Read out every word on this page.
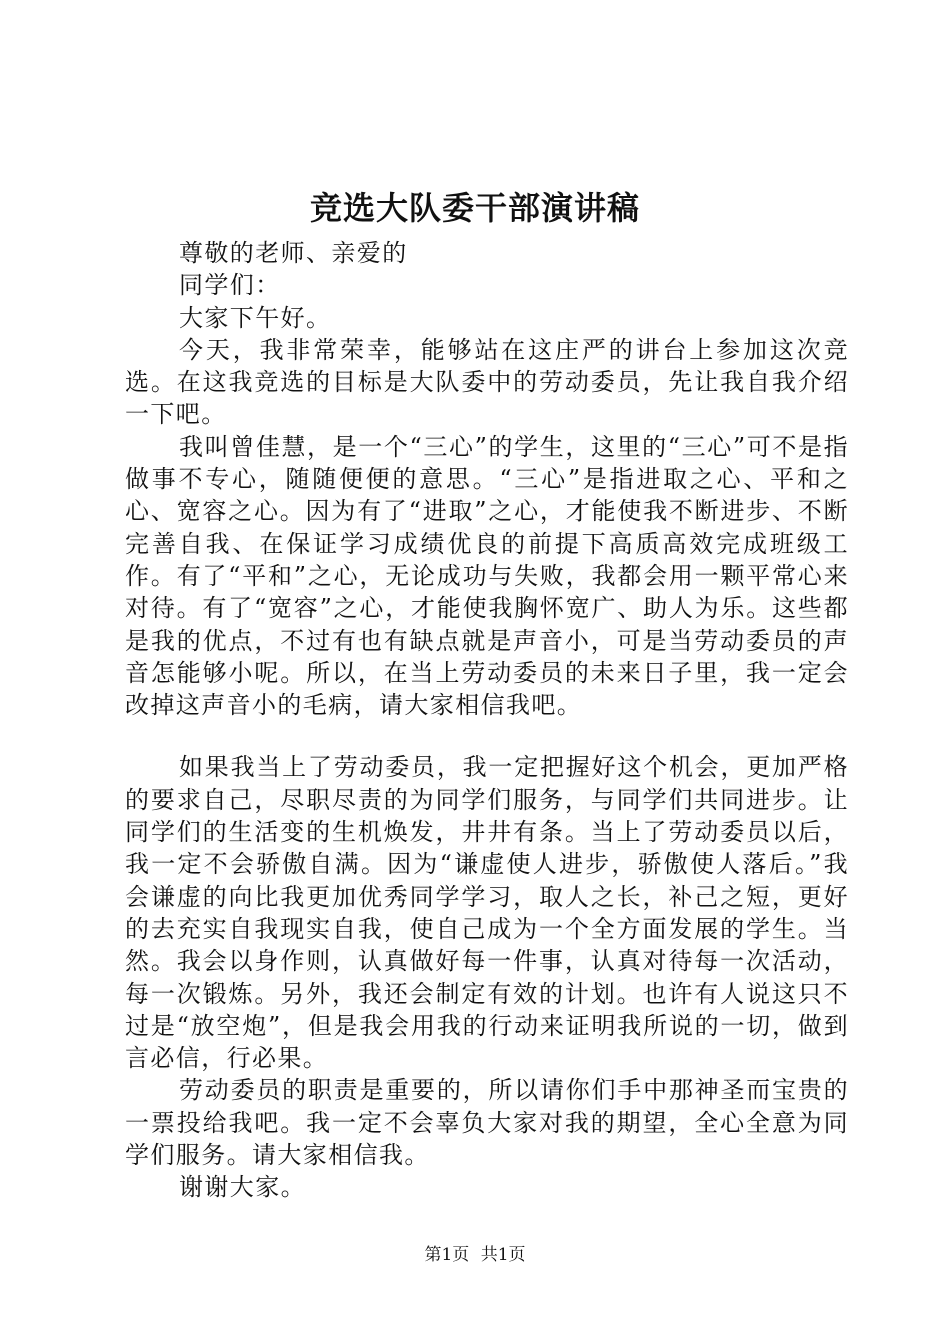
竞选大队委干部演讲稿

尊敬的老师、亲爱的

同学们：

大家下午好。

今天，我非常荣幸，能够站在这庄严的讲台上参加这次竞选。在这我竞选的目标是大队委中的劳动委员，先让我自我介绍一下吧。

我叫曾佳慧，是一个“三心”的学生，这里的“三心”可不是指做事不专心，随随便便的意思。“三心”是指进取之心、平和之心、宽容之心。因为有了“进取”之心，才能使我不断进步、不断完善自我、在保证学习成绩优良的前提下高质高效完成班级工作。有了“平和”之心，无论成功与失败，我都会用一颗平常心来对待。有了“宽容”之心，才能使我胸怀宽广、助人为乐。这些都是我的优点，不过有也有缺点就是声音小，可是当劳动委员的声音怎能够小呢。所以，在当上劳动委员的未来日子里，我一定会改掉这声音小的毛病，请大家相信我吧。

如果我当上了劳动委员，我一定把握好这个机会，更加严格的要求自己，尽职尽责的为同学们服务，与同学们共同进步。让同学们的生活变的生机焕发，井井有条。当上了劳动委员以后，我一定不会骄傲自满。因为“谦虚使人进步，骄傲使人落后。”我会谦虚的向比我更加优秀同学学习，取人之长，补己之短，更好的去充实自我现实自我，使自己成为一个全方面发展的学生。当然。我会以身作则，认真做好每一件事，认真对待每一次活动，每一次锻炼。另外，我还会制定有效的计划。也许有人说这只不过是“放空炮”，但是我会用我的行动来证明我所说的一切，做到言必信，行必果。

劳动委员的职责是重要的，所以请你们手中那神圣而宝贵的一票投给我吧。我一定不会辜负大家对我的期望，全心全意为同学们服务。请大家相信我。

谢谢大家。

第1页 共1页
